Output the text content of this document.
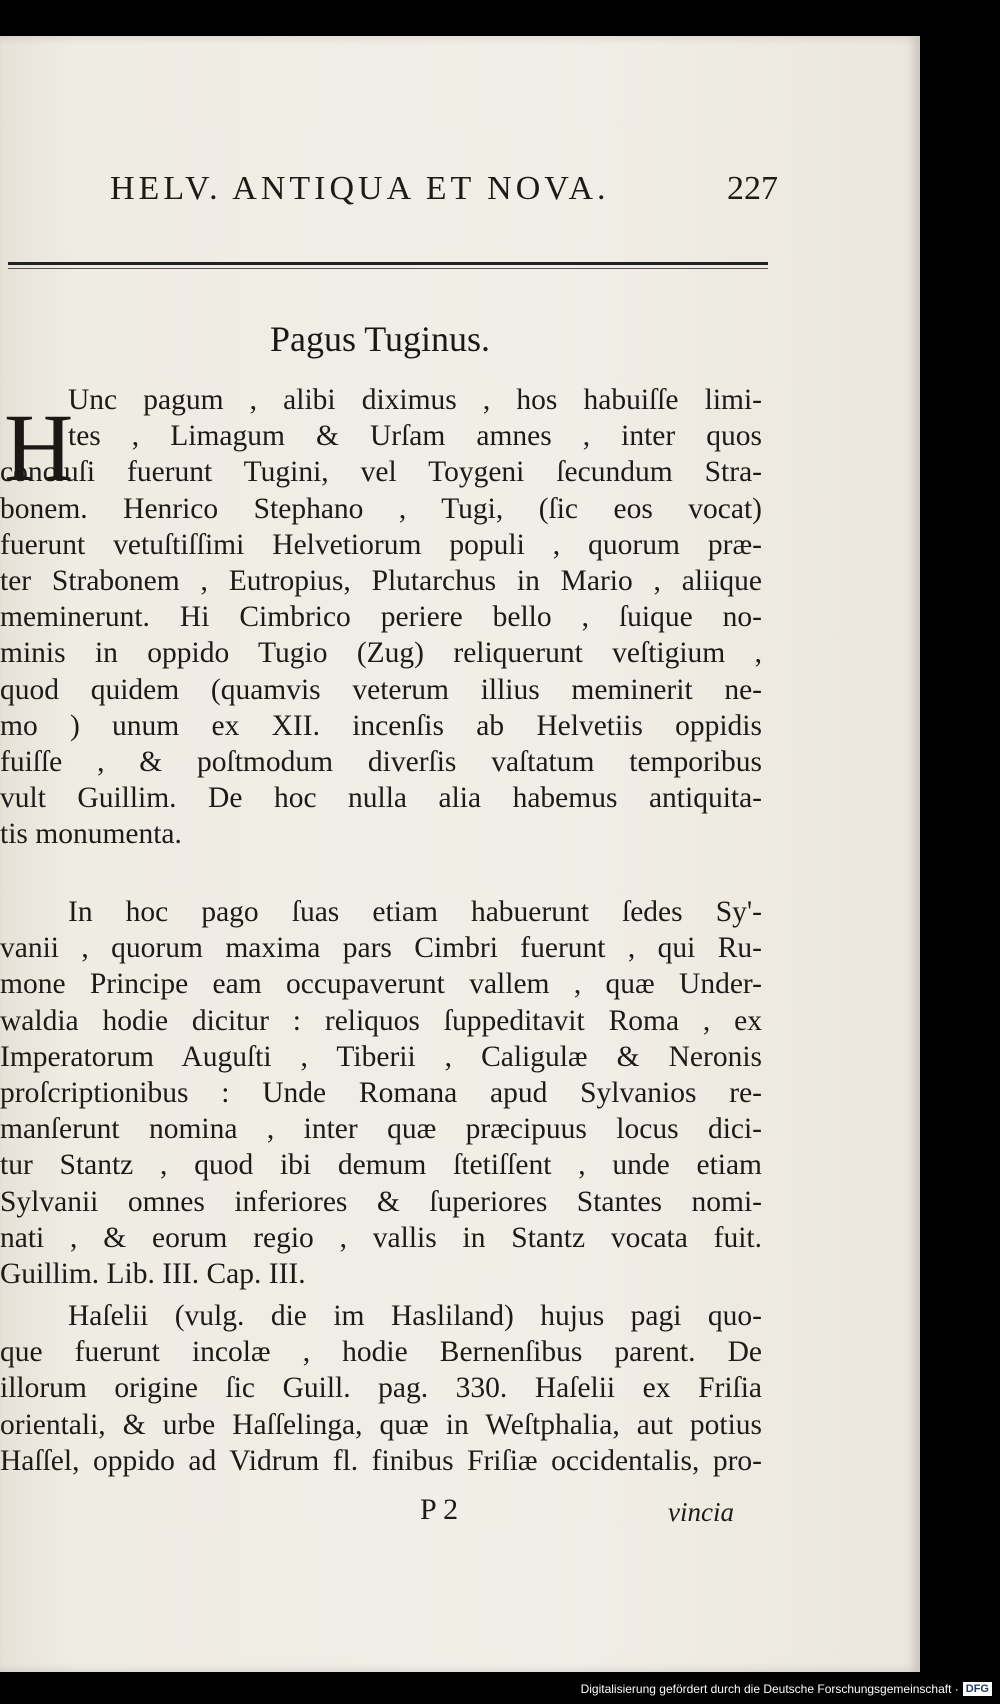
HELV. ANTIQUA ET NOVA.	227
Pagus Tuginus.
H
Unc pagum , alibi diximus , hos habuiſſe limi-
tes , Limagum & Urſam amnes , inter quos
concluſi fuerunt Tugini, vel Toygeni ſecundum Stra-
bonem. Henrico Stephano , Tugi, (ſic eos vocat)
fuerunt vetuſtiſſimi Helvetiorum populi , quorum præ-
ter Strabonem , Eutropius, Plutarchus in Mario , aliique
meminerunt. Hi Cimbrico periere bello , ſuique no-
minis in oppido Tugio (Zug) reliquerunt veſtigium ,
quod quidem (quamvis veterum illius meminerit ne-
mo ) unum ex XII. incenſis ab Helvetiis oppidis
fuiſſe , & poſtmodum diverſis vaſtatum temporibus
vult Guillim. De hoc nulla alia habemus antiquita-
tis monumenta.
In hoc pago ſuas etiam habuerunt ſedes Sy'-
vanii , quorum maxima pars Cimbri fuerunt , qui Ru-
mone Principe eam occupaverunt vallem , quæ Under-
waldia hodie dicitur : reliquos ſuppeditavit Roma , ex
Imperatorum Auguſti , Tiberii , Caligulæ & Neronis
proſcriptionibus : Unde Romana apud Sylvanios re-
manſerunt nomina , inter quæ præcipuus locus dici-
tur Stantz , quod ibi demum ſtetiſſent , unde etiam
Sylvanii omnes inferiores & ſuperiores Stantes nomi-
nati , & eorum regio , vallis in Stantz vocata fuit.
Guillim. Lib. III. Cap. III.
Haſelii (vulg. die im Hasliland) hujus pagi quo-
que fuerunt incolæ , hodie Bernenſibus parent. De
illorum origine ſic Guill. pag. 330. Haſelii ex Friſia
orientali, & urbe Haſſelinga, quæ in Weſtphalia, aut potius
Haſſel, oppido ad Vidrum fl. finibus Friſiæ occidentalis, pro-
P 2	vincia
Digitalisierung gefördert durch die Deutsche Forschungsgemeinschaft · DFG
